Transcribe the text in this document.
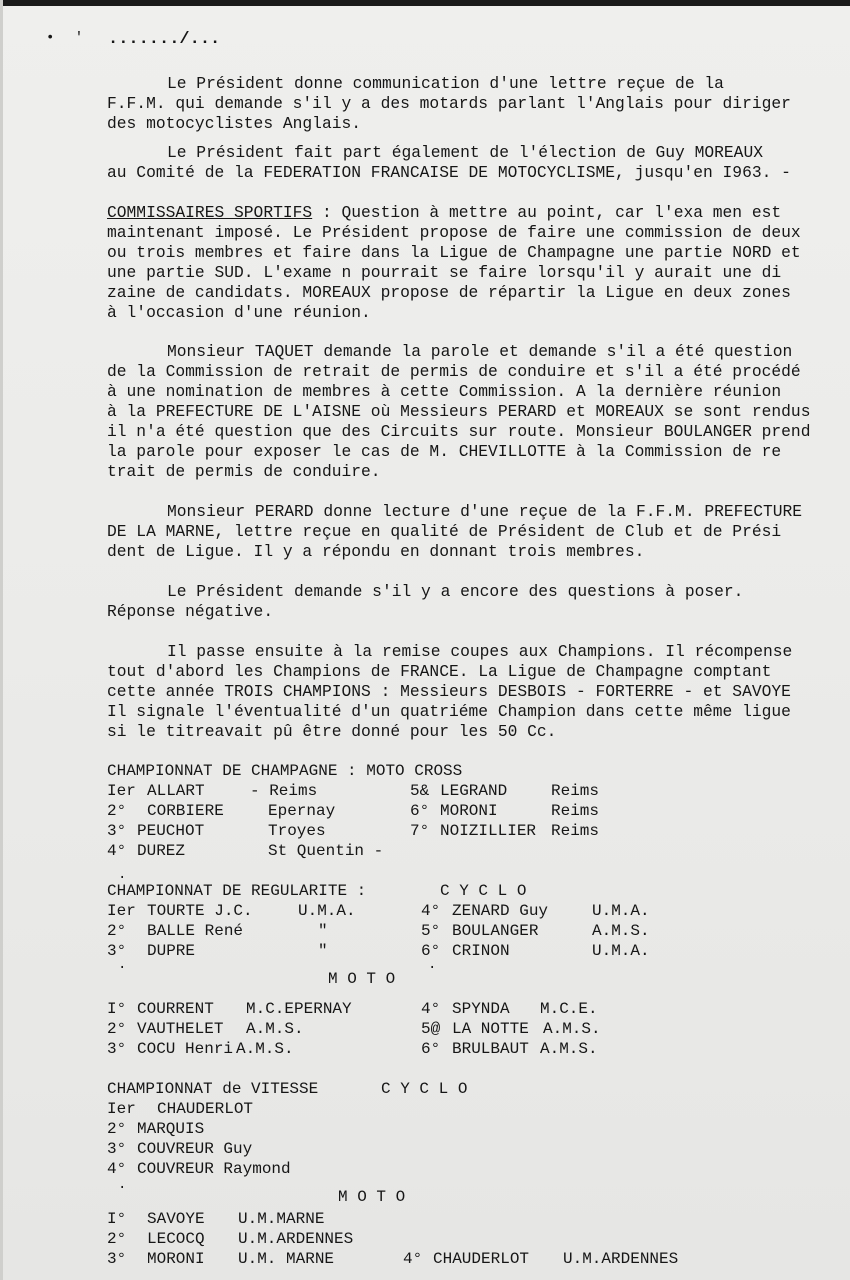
• ' ......./...

Le Président donne communication d'une lettre reçue de la

F.F.M. qui demande s'il y a des motards parlant l'Anglais pour diriger

des motocyclistes Anglais.

Le Président fait part également de l'élection de Guy MOREAUX

au Comité de la FEDERATION FRANCAISE DE MOTOCYCLISME, jusqu'en I963. -

COMMISSAIRES SPORTIFS : Question à mettre au point, car l'exa men est

maintenant imposé. Le Président propose de faire une commission de deux

ou trois membres et faire dans la Ligue de Champagne une partie NORD et

une partie SUD. L'exame n pourrait se faire lorsqu'il y aurait une di

zaine de candidats. MOREAUX propose de répartir la Ligue en deux zones

à l'occasion d'une réunion.

Monsieur TAQUET demande la parole et demande s'il a été question

de la Commission de retrait de permis de conduire et s'il a été procédé

à une nomination de membres à cette Commission. A la dernière réunion

à la PREFECTURE DE L'AISNE où Messieurs PERARD et MOREAUX se sont rendus

il n'a été question que des Circuits sur route. Monsieur BOULANGER prend

la parole pour exposer le cas de M. CHEVILLOTTE à la Commission de re

trait de permis de conduire.

Monsieur PERARD donne lecture d'une reçue de la F.F.M. PREFECTURE

DE LA MARNE, lettre reçue en qualité de Président de Club et de Prési

dent de Ligue. Il y a répondu en donnant trois membres.

Le Président demande s'il y a encore des questions à poser.

Réponse négative.

Il passe ensuite à la remise coupes aux Champions. Il récompense

tout d'abord les Champions de FRANCE. La Ligue de Champagne comptant

cette année TROIS CHAMPIONS : Messieurs DESBOIS - FORTERRE - et SAVOYE

Il signale l'éventualité d'un quatriéme Champion dans cette même ligue

si le titreavait pû être donné pour les 50 Cc.

CHAMPIONNAT DE CHAMPAGNE : MOTO CROSS
Ier ALLART	- Reims
2° CORBIERE	Epernay
3° PEUCHOT	Troyes
4° DUREZ	St Quentin -
5& LEGRAND	Reims
6° MORONI	Reims
7° NOIZILLIER Reims
CHAMPIONNAT DE REGULARITE :	C Y C L O
·
Ier TOURTE J.C.	U.M.A.
2° BALLE René	"
3° DUPRE	"
4° ZENARD Guy	U.M.A.
5° BOULANGER	A.M.S.
6° CRINON	U.M.A.
·	·
M O T O
I° COURRENT M.C.EPERNAY
2° VAUTHELET A.M.S.
3° COCU Henri A.M.S.
4° SPYNDA M.C.E.
5@ LA NOTTE A.M.S.
6° BRULBAUT A.M.S.
CHAMPIONNAT de VITESSE	C Y C L O
Ier CHAUDERLOT
2° MARQUIS
3° COUVREUR Guy
4° COUVREUR Raymond
·	M O T O
I° SAVOYE U.M.MARNE
2° LECOCQ U.M.ARDENNES
3° MORONI U.M. MARNE	4° CHAUDERLOT U.M.ARDENNES
